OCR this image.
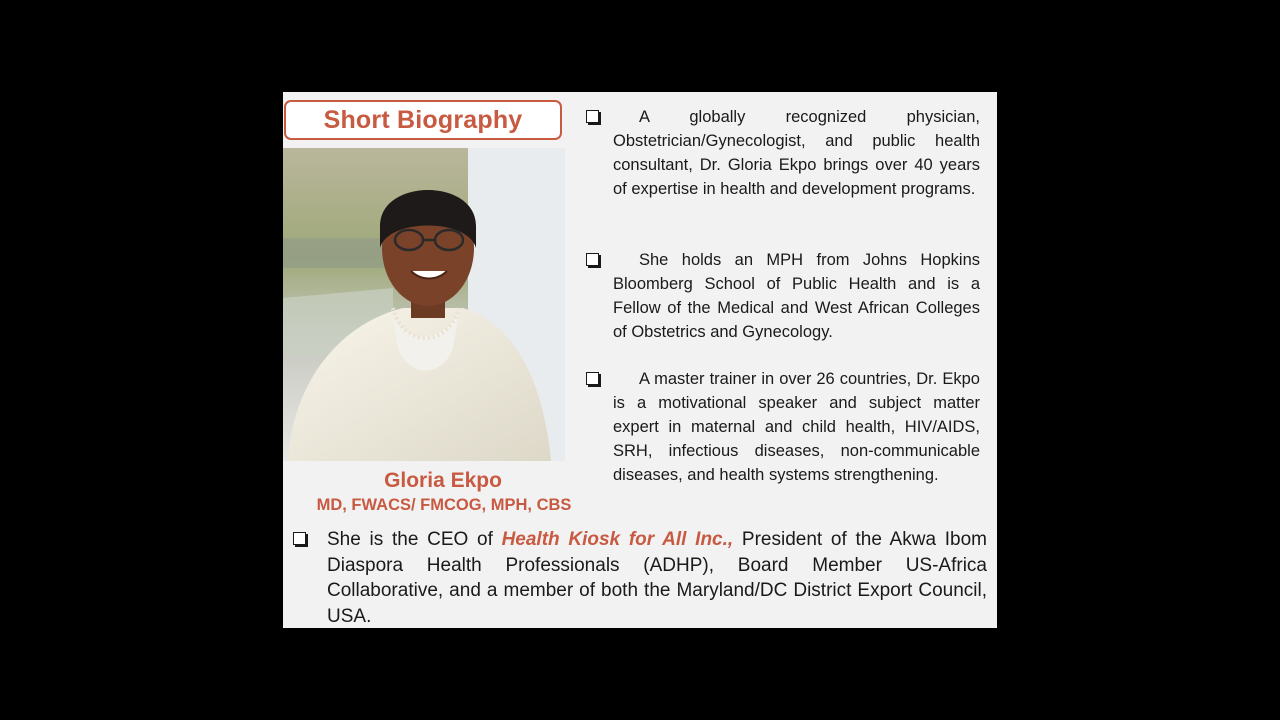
Short Biography
Gloria Ekpo
MD, FWACS/ FMCOG, MPH, CBS
A globally recognized physician, Obstetrician/Gynecologist, and public health consultant, Dr. Gloria Ekpo brings over 40 years of expertise in health and development programs.
She holds an MPH from Johns Hopkins Bloomberg School of Public Health and is a Fellow of the Medical and West African Colleges of Obstetrics and Gynecology.
A master trainer in over 26 countries, Dr. Ekpo is a motivational speaker and subject matter expert in maternal and child health, HIV/AIDS, SRH, infectious diseases, non-communicable diseases, and health systems strengthening.
She is the CEO of Health Kiosk for All Inc., President of the Akwa Ibom Diaspora Health Professionals (ADHP), Board Member US-Africa Collaborative, and a member of both the Maryland/DC District Export Council, USA.
